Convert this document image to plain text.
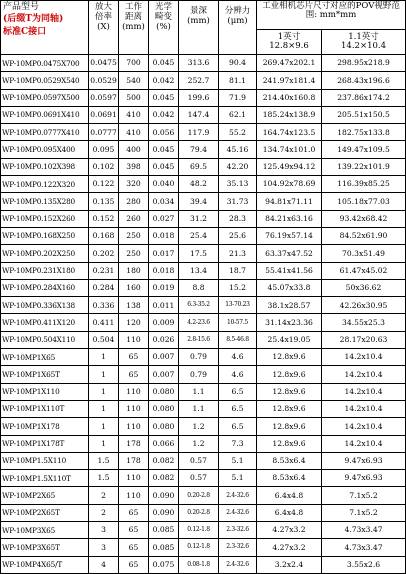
产品型号
(后缀T为同轴)
标准C接口	放大
倍率
(X)	工作
距离
(mm)	光学
畸变
(%)	景深
(mm)	分辨力
(μm)	工业相机芯片尺寸对应的POV视野范围: mm*mm	

						1英寸
12.8×9.6	1.1英寸
14.2×10.4

WP-10MP0.0475X700	0.0475	700	0.045	313.6	90.4	269.47x202.1	298.95x218.9
WP-10MP0.0529X540	0.0529	540	0.042	252.7	81.1	241.97x181.4	268.43x196.6
WP-10MP0.0597X500	0.0597	500	0.045	199.6	71.9	214.40x160.8	237.86x174.2
WP-10MP0.0691X410	0.0691	410	0.042	147.4	62.1	185.24x138.9	205.51x150.5
WP-10MP0.0777X410	0.0777	410	0.056	117.9	55.2	164.74x123.5	182.75x133.8
WP-10MP0.095X400	0.095	400	0.045	79.4	45.16	134.74x101.0	149.47x109.5
WP-10MP0.102X398	0.102	398	0.045	69.5	42.20	125.49x94.12	139.22x101.9
WP-10MP0.122X320	0.122	320	0.040	48.2	35.13	104.92x78.69	116.39x85.25
WP-10MP0.135X280	0.135	280	0.034	39.4	31.73	94.81x71.11	105.18x77.03
WP-10MP0.152X260	0.152	260	0.027	31.2	28.3	84.21x63.16	93.42x68.42
WP-10MP0.168X250	0.168	250	0.018	25.4	25.6	76.19x57.14	84.52x61.90
WP-10MP0.202X250	0.202	250	0.017	17.5	21.3	63.37x47.52	70.3x51.49
WP-10MP0.231X180	0.231	180	0.018	13.4	18.7	55.41x41.56	61.47x45.02
WP-10MP0.284X160	0.284	160	0.019	8.8	15.2	45.07x33.8	50x36.62
WP-10MP0.336X138	0.336	138	0.011	6.3-35.2	13-70.23	38.1x28.57	42.26x30.95
WP-10MP0.411X120	0.411	120	0.009	4.2-23.6	10-57.5	31.14x23.36	34.55x25.3
WP-10MP0.504X110	0.504	110	0.026	2.8-15.6	8.5-46.8	25.4x19.05	28.17x20.63
WP-10MP1X65	1	65	0.007	0.79	4.6	12.8x9.6	14.2x10.4
WP-10MP1X65T	1	65	0.007	0.79	4.6	12.8x9.6	14.2x10.4
WP-10MP1X110	1	110	0.080	1.1	6.5	12.8x9.6	14.2x10.4
WP-10MP1X110T	1	110	0.080	1.1	6.5	12.8x9.6	14.2x10.4
WP-10MP1X178	1	110	0.080	1.2	6.5	12.8x9.6	14.2x10.4
WP-10MP1X178T	1	178	0.066	1.2	7.3	12.8x9.6	14.2x10.4
WP-10MP1.5X110	1.5	178	0.082	0.57	5.1	8.53x6.4	9.47x6.93
WP-10MP1.5X110T	1.5	110	0.082	0.57	5.1	8.53x6.4	9.47x6.93
WP-10MP2X65	2	110	0.090	0.20-2.8	2.4-32.6	6.4x4.8	7.1x5.2
WP-10MP2X65T	2	65	0.090	0.20-2.8	2.4-32.6	6.4x4.8	7.1x5.2
WP-10MP3X65	3	65	0.085	0.12-1.8	2.3-32.6	4.27x3.2	4.73x3.47
WP-10MP3X65T	3	65	0.085	0.12-1.8	2.3-32.6	4.27x3.2	4.73x3.47
WP-10MP4X65/T	4	65	0.075	0.08-1.8	2.4-32.6	3.2x2.4	3.55x2.6
